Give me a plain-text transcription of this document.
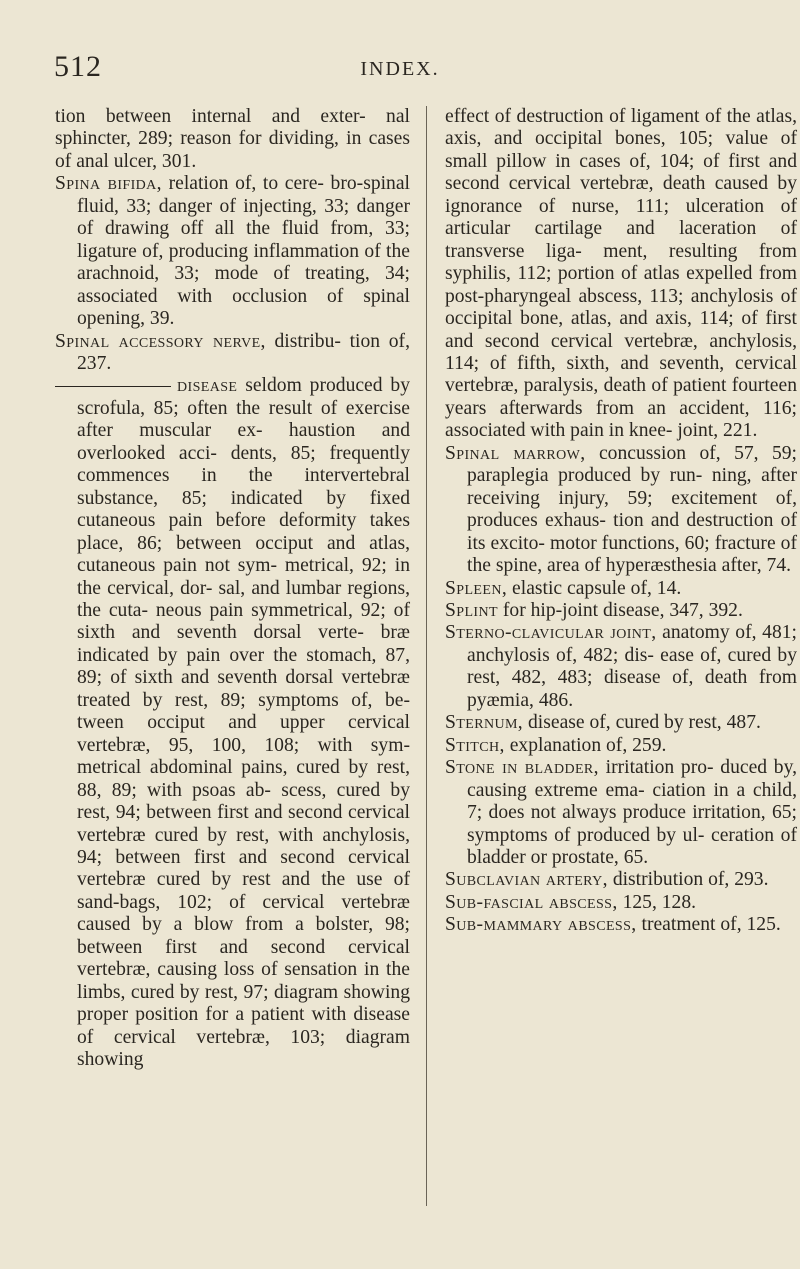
512	INDEX.

tion between internal and exter- nal sphincter, 289; reason for dividing, in cases of anal ulcer, 301.

Spina bifida, relation of, to cere- bro-spinal fluid, 33; danger of injecting, 33; danger of drawing off all the fluid from, 33; ligature of, producing inflammation of the arachnoid, 33; mode of treating, 34; associated with occlusion of spinal opening, 39.

Spinal accessory nerve, distribu- tion of, 237.

disease seldom produced by scrofula, 85; often the result of exercise after muscular ex- haustion and overlooked acci- dents, 85; frequently commences in the intervertebral substance, 85; indicated by fixed cutaneous pain before deformity takes place, 86; between occiput and atlas, cutaneous pain not sym- metrical, 92; in the cervical, dor- sal, and lumbar regions, the cuta- neous pain symmetrical, 92; of sixth and seventh dorsal verte- bræ indicated by pain over the stomach, 87, 89; of sixth and seventh dorsal vertebræ treated by rest, 89; symptoms of, be- tween occiput and upper cervical vertebræ, 95, 100, 108; with sym- metrical abdominal pains, cured by rest, 88, 89; with psoas ab- scess, cured by rest, 94; between first and second cervical vertebræ cured by rest, with anchylosis, 94; between first and second cervical vertebræ cured by rest and the use of sand-bags, 102; of cervical vertebræ caused by a blow from a bolster, 98; between first and second cervical vertebræ, causing loss of sensation in the limbs, cured by rest, 97; diagram showing proper position for a patient with disease of cervical vertebræ, 103; diagram showing

effect of destruction of ligament of the atlas, axis, and occipital bones, 105; value of small pillow in cases of, 104; of first and second cervical vertebræ, death caused by ignorance of nurse, 111; ulceration of articular cartilage and laceration of transverse liga- ment, resulting from syphilis, 112; portion of atlas expelled from post-pharyngeal abscess, 113; anchylosis of occipital bone, atlas, and axis, 114; of first and second cervical vertebræ, anchylosis, 114; of fifth, sixth, and seventh, cervical vertebræ, paralysis, death of patient fourteen years afterwards from an accident, 116; associated with pain in knee- joint, 221.

Spinal marrow, concussion of, 57, 59; paraplegia produced by run- ning, after receiving injury, 59; excitement of, produces exhaus- tion and destruction of its excito- motor functions, 60; fracture of the spine, area of hyperæsthesia after, 74.

Spleen, elastic capsule of, 14.

Splint for hip-joint disease, 347, 392.

Sterno-clavicular joint, anatomy of, 481; anchylosis of, 482; dis- ease of, cured by rest, 482, 483; disease of, death from pyæmia, 486.

Sternum, disease of, cured by rest, 487.

Stitch, explanation of, 259.

Stone in bladder, irritation pro- duced by, causing extreme ema- ciation in a child, 7; does not always produce irritation, 65; symptoms of produced by ul- ceration of bladder or prostate, 65.

Subclavian artery, distribution of, 293.

Sub-fascial abscess, 125, 128.

Sub-mammary abscess, treatment of, 125.
